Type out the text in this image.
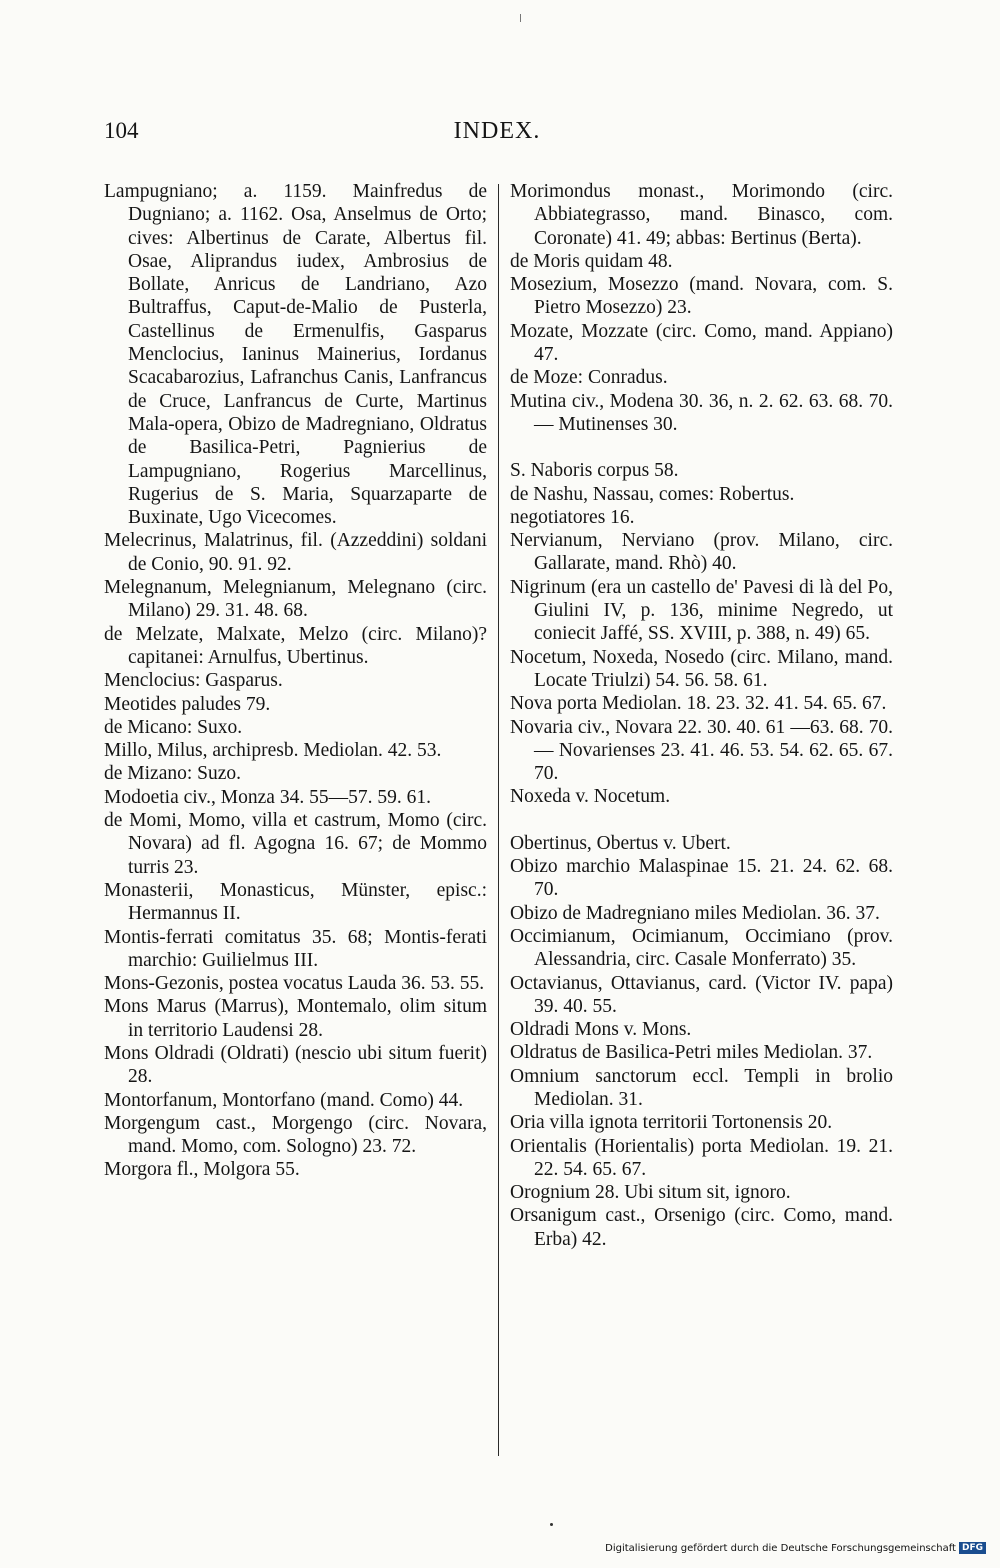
104	INDEX.
Lampugniano; a. 1159. Mainfredus de Dugniano; a. 1162. Osa, Anselmus de Orto; cives: Albertinus de Carate, Albertus fil. Osae, Aliprandus iudex, Ambrosius de Bollate, Anricus de Landriano, Azo Bultraffus, Caput-de-Malio de Pusterla, Castellinus de Ermenulfis, Gasparus Menclocius, Ianinus Mainerius, Iordanus Scacabarozius, Lafranchus Canis, Lanfrancus de Cruce, Lanfrancus de Curte, Martinus Mala-opera, Obizo de Madregniano, Oldratus de Basilica-Petri, Pagnierius de Lampugniano, Rogerius Marcellinus, Rugerius de S. Maria, Squarzaparte de Buxinate, Ugo Vicecomes.
Melecrinus, Malatrinus, fil. (Azzeddini) soldani de Conio, 90. 91. 92.
Melegnanum, Melegnianum, Melegnano (circ. Milano) 29. 31. 48. 68.
de Melzate, Malxate, Melzo (circ. Milano)? capitanei: Arnulfus, Ubertinus.
Menclocius: Gasparus.
Meotides paludes 79.
de Micano: Suxo.
Millo, Milus, archipresb. Mediolan. 42. 53.
de Mizano: Suzo.
Modoetia civ., Monza 34. 55—57. 59. 61.
de Momi, Momo, villa et castrum, Momo (circ. Novara) ad fl. Agogna 16. 67; de Mommo turris 23.
Monasterii, Monasticus, Münster, episc.: Hermannus II.
Montis-ferrati comitatus 35. 68; Montis-ferati marchio: Guilielmus III.
Mons-Gezonis, postea vocatus Lauda 36. 53. 55.
Mons Marus (Marrus), Montemalo, olim situm in territorio Laudensi 28.
Mons Oldradi (Oldrati) (nescio ubi situm fuerit) 28.
Montorfanum, Montorfano (mand. Como) 44.
Morgengum cast., Morgengo (circ. Novara, mand. Momo, com. Sologno) 23. 72.
Morgora fl., Molgora 55.
Morimondus monast., Morimondo (circ. Abbiategrasso, mand. Binasco, com. Coronate) 41. 49; abbas: Bertinus (Berta).
de Moris quidam 48.
Mosezium, Mosezzo (mand. Novara, com. S. Pietro Mosezzo) 23.
Mozate, Mozzate (circ. Como, mand. Appiano) 47.
de Moze: Conradus.
Mutina civ., Modena 30. 36, n. 2. 62. 63. 68. 70. — Mutinenses 30.
S. Naboris corpus 58.
de Nashu, Nassau, comes: Robertus.
negotiatores 16.
Nervianum, Nerviano (prov. Milano, circ. Gallarate, mand. Rhò) 40.
Nigrinum (era un castello de' Pavesi di là del Po, Giulini IV, p. 136, minime Negredo, ut coniecit Jaffé, SS. XVIII, p. 388, n. 49) 65.
Nocetum, Noxeda, Nosedo (circ. Milano, mand. Locate Triulzi) 54. 56. 58. 61.
Nova porta Mediolan. 18. 23. 32. 41. 54. 65. 67.
Novaria civ., Novara 22. 30. 40. 61 —63. 68. 70. — Novarienses 23. 41. 46. 53. 54. 62. 65. 67. 70.
Noxeda v. Nocetum.
Obertinus, Obertus v. Ubert.
Obizo marchio Malaspinae 15. 21. 24. 62. 68. 70.
Obizo de Madregniano miles Mediolan. 36. 37.
Occimianum, Ocimianum, Occimiano (prov. Alessandria, circ. Casale Monferrato) 35.
Octavianus, Ottavianus, card. (Victor IV. papa) 39. 40. 55.
Oldradi Mons v. Mons.
Oldratus de Basilica-Petri miles Mediolan. 37.
Omnium sanctorum eccl. Templi in brolio Mediolan. 31.
Oria villa ignota territorii Tortonensis 20.
Orientalis (Horientalis) porta Mediolan. 19. 21. 22. 54. 65. 67.
Orognium 28. Ubi situm sit, ignoro.
Orsanigum cast., Orsenigo (circ. Como, mand. Erba) 42.
Digitalisierung gefördert durch die Deutsche Forschungsgemeinschaft DFG
